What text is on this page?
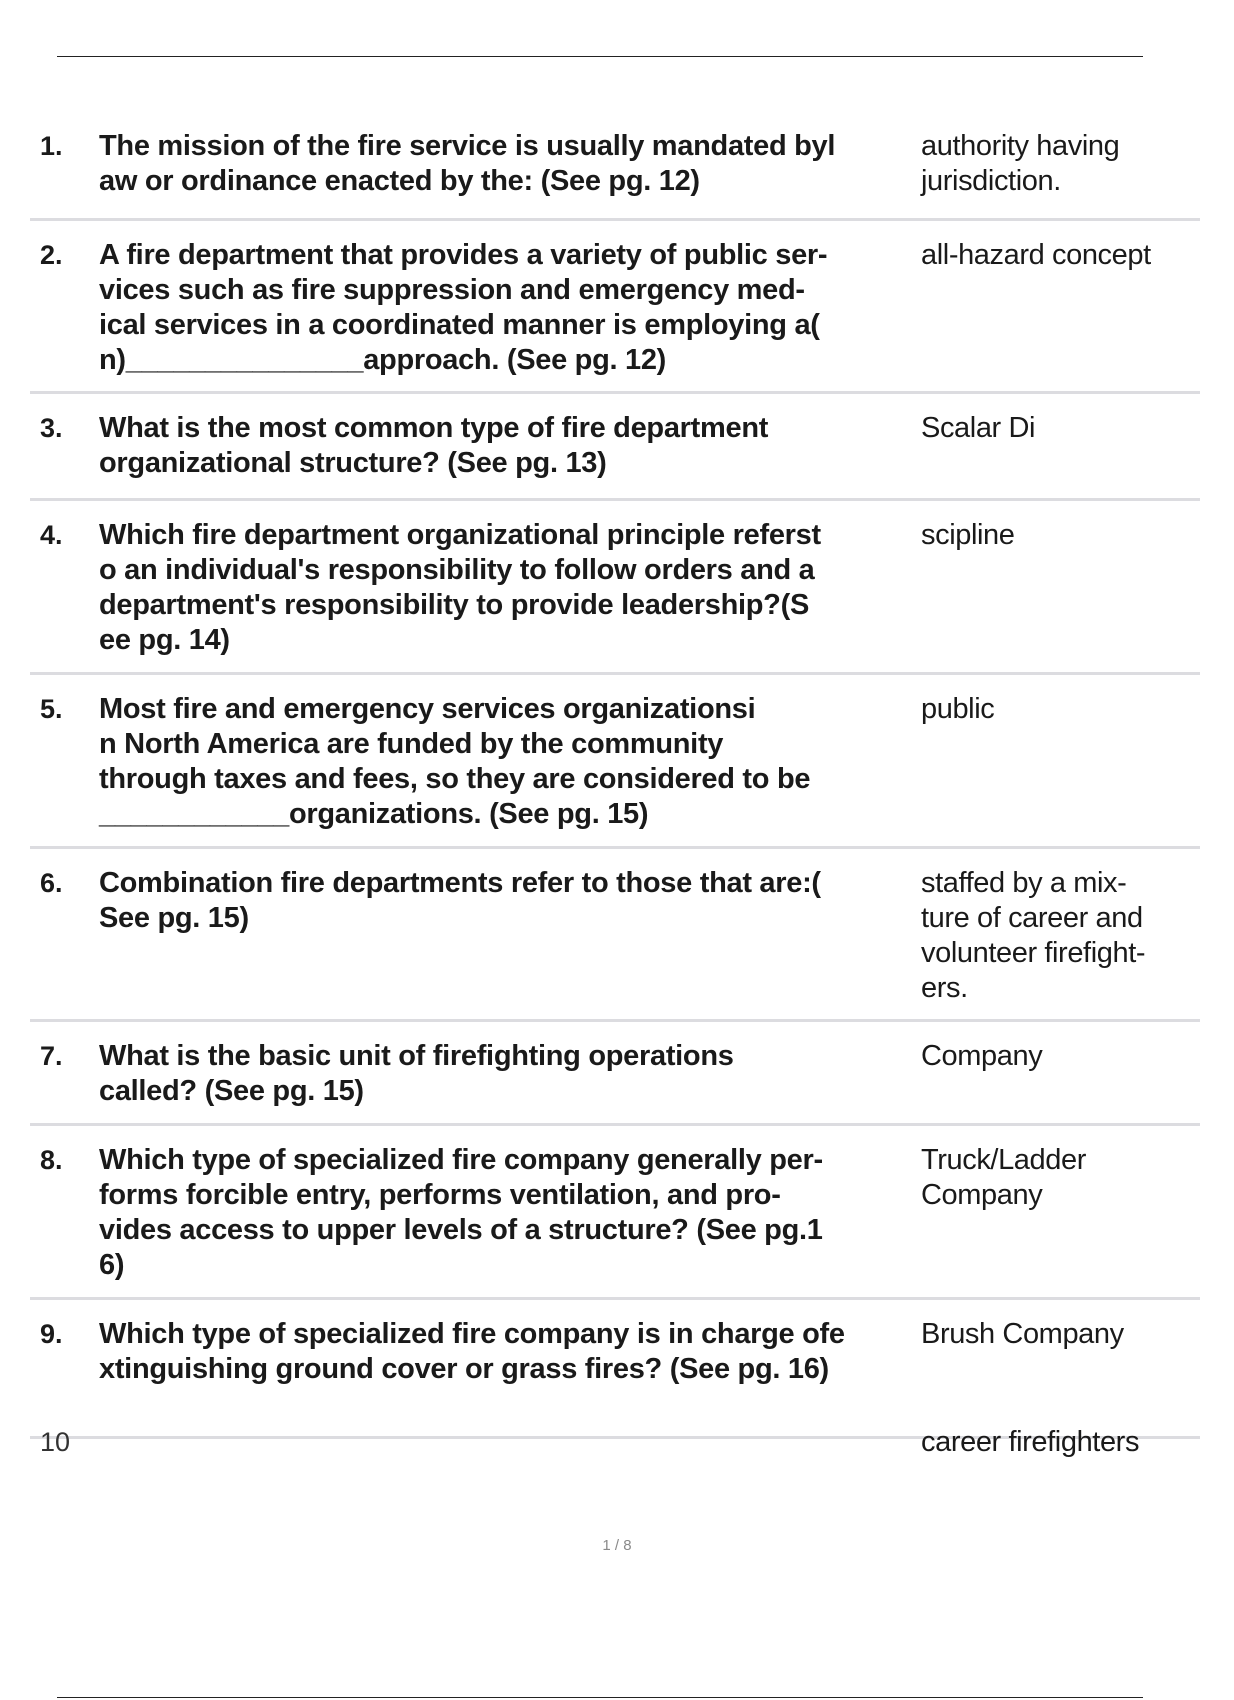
1. The mission of the fire service is usually mandated byl
aw or ordinance enacted by the: (See pg. 12)
authority having
jurisdiction.
2. A fire department that provides a variety of public ser-
vices such as fire suppression and emergency med-
ical services in a coordinated manner is employing a(
n)_______________approach. (See pg. 12)
all-hazard concept
3. What is the most common type of fire department
organizational structure? (See pg. 13)
Scalar Di
4. Which fire department organizational principle referst
o an individual's responsibility to follow orders and a
department's responsibility to provide leadership?(S
ee pg. 14)
scipline
5. Most fire and emergency services organizationsi
n North America are funded by the community
through taxes and fees, so they are considered to be
____________organizations. (See pg. 15)
public
6. Combination fire departments refer to those that are:(
See pg. 15)
staffed by a mix-
ture of career and
volunteer firefight-
ers.
7. What is the basic unit of firefighting operations
called? (See pg. 15)
Company
8. Which type of specialized fire company generally per-
forms forcible entry, performs ventilation, and pro-
vides access to upper levels of a structure? (See pg.1
6)
Truck/Ladder
Company
9. Which type of specialized fire company is in charge ofe
xtinguishing ground cover or grass fires? (See pg. 16)
Brush Company
10	career firefighters
1 / 8
